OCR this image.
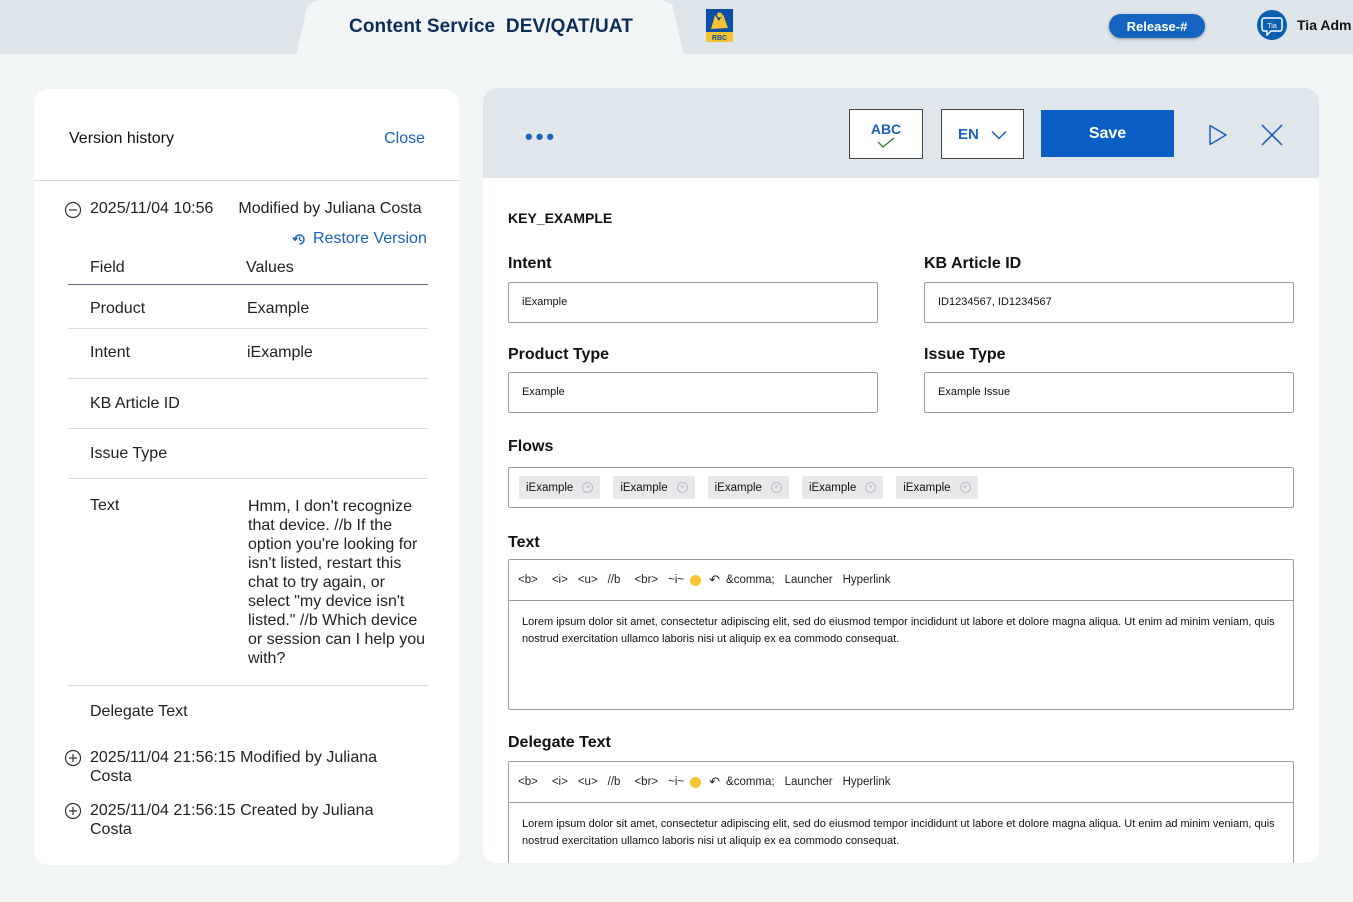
Content Service  DEV/QAT/UAT
RBC
Release-#	Tia Tia Adm
Version history	Close
2025/11/04 10:56 Modified by Juliana Costa
Restore Version
Field	Values
Product	Example
Intent	iExample
KB Article ID
Issue Type
Text	Hmm, I don't recognize that device. //b If the option you're looking for isn't listed, restart this chat to try again, or select "my device isn't listed." //b Which device or session can I help you with?
Delegate Text
2025/11/04 21:56:15 Modified by Juliana Costa
2025/11/04 21:56:15 Created by Juliana Costa
•••	ABC	EN	Save
KEY_EXAMPLE
Intent
iExample
KB Article ID
ID1234567, ID1234567
Product Type
Example
Issue Type
Example Issue
Flows
iExample	×	iExample	×	iExample	×	iExample	×	iExample	×
Text
<b> <i> <u> //b <br> ~i~ ↶ &comma; Launcher Hyperlink
Lorem ipsum dolor sit amet, consectetur adipiscing elit, sed do eiusmod tempor incididunt ut labore et dolore magna aliqua. Ut enim ad minim veniam, quis nostrud exercitation ullamco laboris nisi ut aliquip ex ea commodo consequat.
Delegate Text
<b> <i> <u> //b <br> ~i~ ↶ &comma; Launcher Hyperlink
Lorem ipsum dolor sit amet, consectetur adipiscing elit, sed do eiusmod tempor incididunt ut labore et dolore magna aliqua. Ut enim ad minim veniam, quis nostrud exercitation ullamco laboris nisi ut aliquip ex ea commodo consequat.
